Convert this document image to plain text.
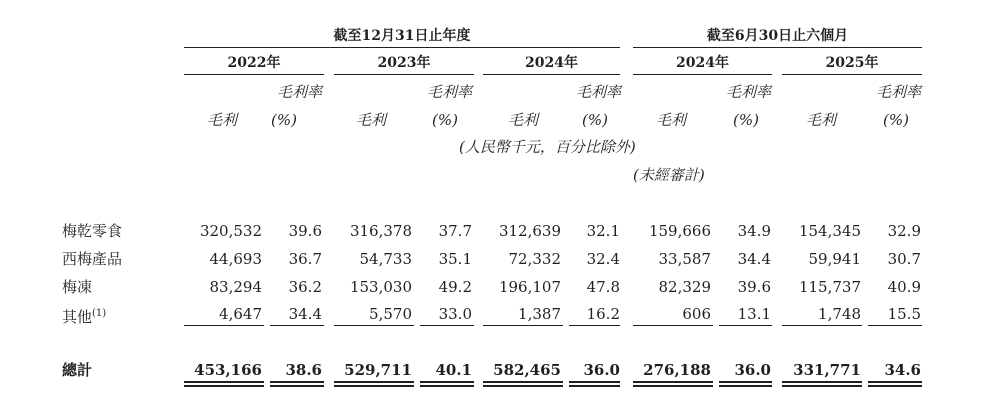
截至12月31日止年度	截至6月30日止六個月
2022年	2023年	2024年	2024年	2025年
毛利率	毛利率	毛利率	毛利率	毛利率
毛利 (%)	毛利	(%)	毛利	(%)	毛利	(%)	毛利	(%)
(人民幣千元，百分比除外)
(未經審計)
梅乾零食	320,532	39.6	316,378	37.7	312,639	32.1	159,666	34.9	154,345	32.9
西梅產品	44,693	36.7	54,733	35.1	72,332	32.4	33,587	34.4	59,941	30.7
梅凍	83,294	36.2	153,030	49.2	196,107	47.8	82,329	39.6	115,737	40.9
其他$^{(1)}$	4,647	34.4	5,570	33.0	1,387	16.2	606	13.1	1,748	15.5
總計	453,166	38.6	529,711	40.1	582,465	36.0	276,188	36.0	331,771	34.6
